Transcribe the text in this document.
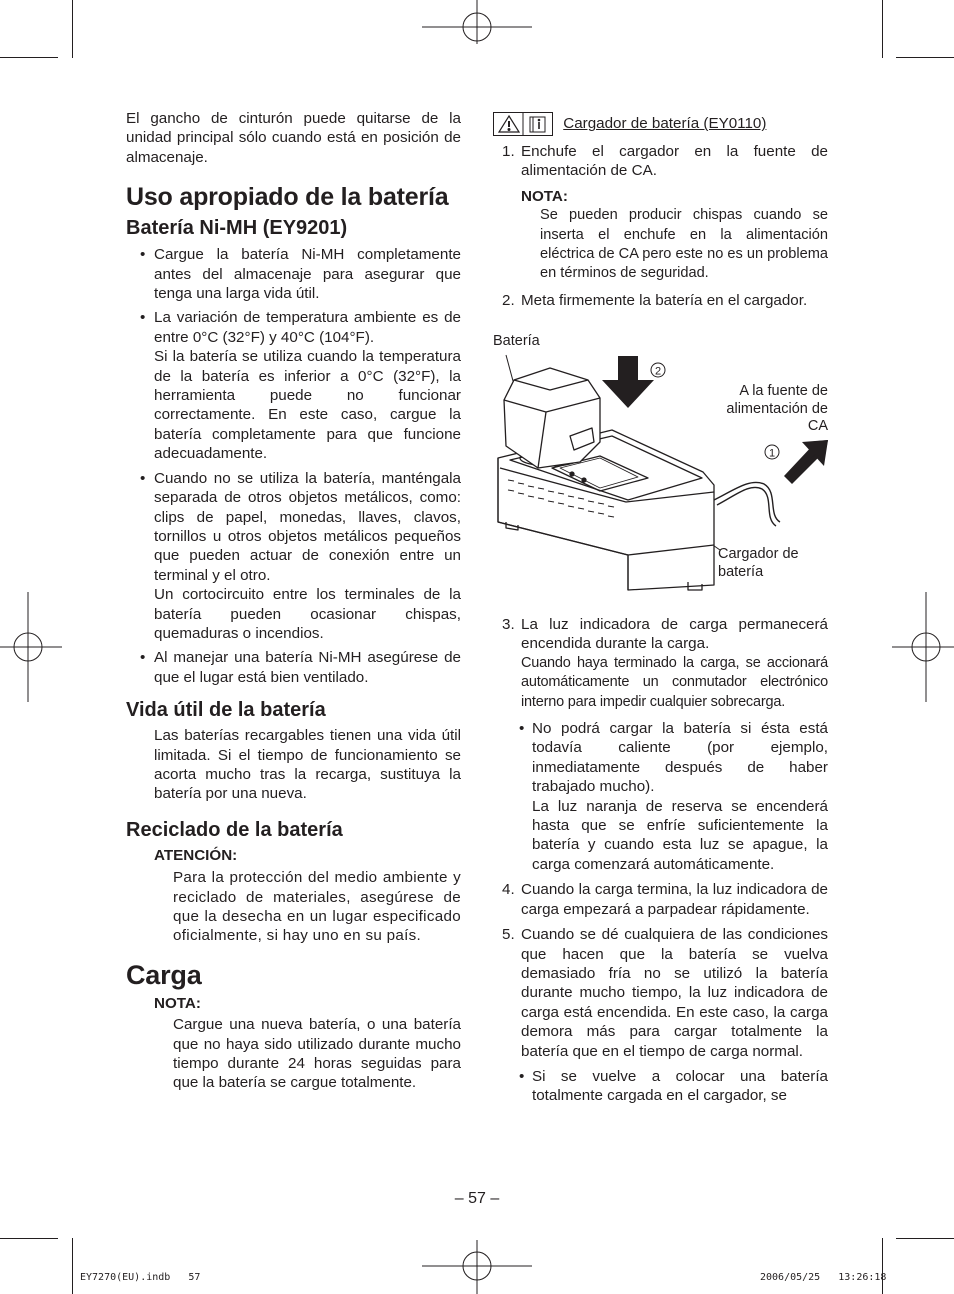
El gancho de cinturón puede quitarse de la unidad principal sólo cuando está en posición de almacenaje.
Uso apropiado de la batería
Batería Ni-MH (EY9201)
• Cargue la batería Ni-MH completamente antes del almacenaje para asegurar que tenga una larga vida útil.
• La variación de temperatura ambiente es de entre 0°C (32°F) y 40°C (104°F).
Si la batería se utiliza cuando la temperatura de la batería es inferior a 0°C (32°F), la herramienta puede no funcionar correctamente. En este caso, cargue la batería completamente para que funcione adecuadamente.
• Cuando no se utiliza la batería, manténgala separada de otros objetos metálicos, como: clips de papel, monedas, llaves, clavos, tornillos u otros objetos metálicos pequeños que pueden actuar de conexión entre un terminal y el otro.
Un cortocircuito entre los terminales de la batería pueden ocasionar chispas, quemaduras o incendios.
• Al manejar una batería Ni-MH asegúrese de que el lugar está bien ventilado.
Vida útil de la batería
Las baterías recargables tienen una vida útil limitada. Si el tiempo de funcionamiento se acorta mucho tras la recarga, sustituya la batería por una nueva.
Reciclado de la batería
ATENCIÓN:
Para la protección del medio ambiente y reciclado de materiales, asegúrese de que la desecha en un lugar especificado oficialmente, si hay uno en su país.
Carga
NOTA:
Cargue una nueva batería, o una batería que no haya sido utilizado durante mucho tiempo durante 24 horas seguidas para que la batería se cargue totalmente.
Cargador de batería (EY0110)
1. Enchufe el cargador en la fuente de alimentación de CA.
NOTA:
Se pueden producir chispas cuando se inserta el enchufe en la alimentación eléctrica de CA pero este no es un problema en términos de seguridad.
2. Meta firmemente la batería en el cargador.
Batería
A la fuente de alimentación de CA
Cargador de batería
2
1
3. La luz indicadora de carga permanecerá encendida durante la carga.
Cuando haya terminado la carga, se accionará automáticamente un conmutador electrónico interno para impedir cualquier sobrecarga.
• No podrá cargar la batería si ésta está todavía caliente (por ejemplo, inmediatamente después de haber trabajado mucho).
La luz naranja de reserva se encenderá hasta que se enfríe suficientemente la batería y cuando esta luz se apague, la carga comenzará automáticamente.
4. Cuando la carga termina, la luz indicadora de carga empezará a parpadear rápidamente.
5. Cuando se dé cualquiera de las condiciones que hacen que la batería se vuelva demasiado fría no se utilizó la batería durante mucho tiempo, la luz indicadora de carga está encendida. En este caso, la carga demora más para cargar totalmente la batería que en el tiempo de carga normal.
• Si se vuelve a colocar una batería totalmente cargada en el cargador, se
– 57 –
EY7270(EU).indb   57	2006/05/25   13:26:18
